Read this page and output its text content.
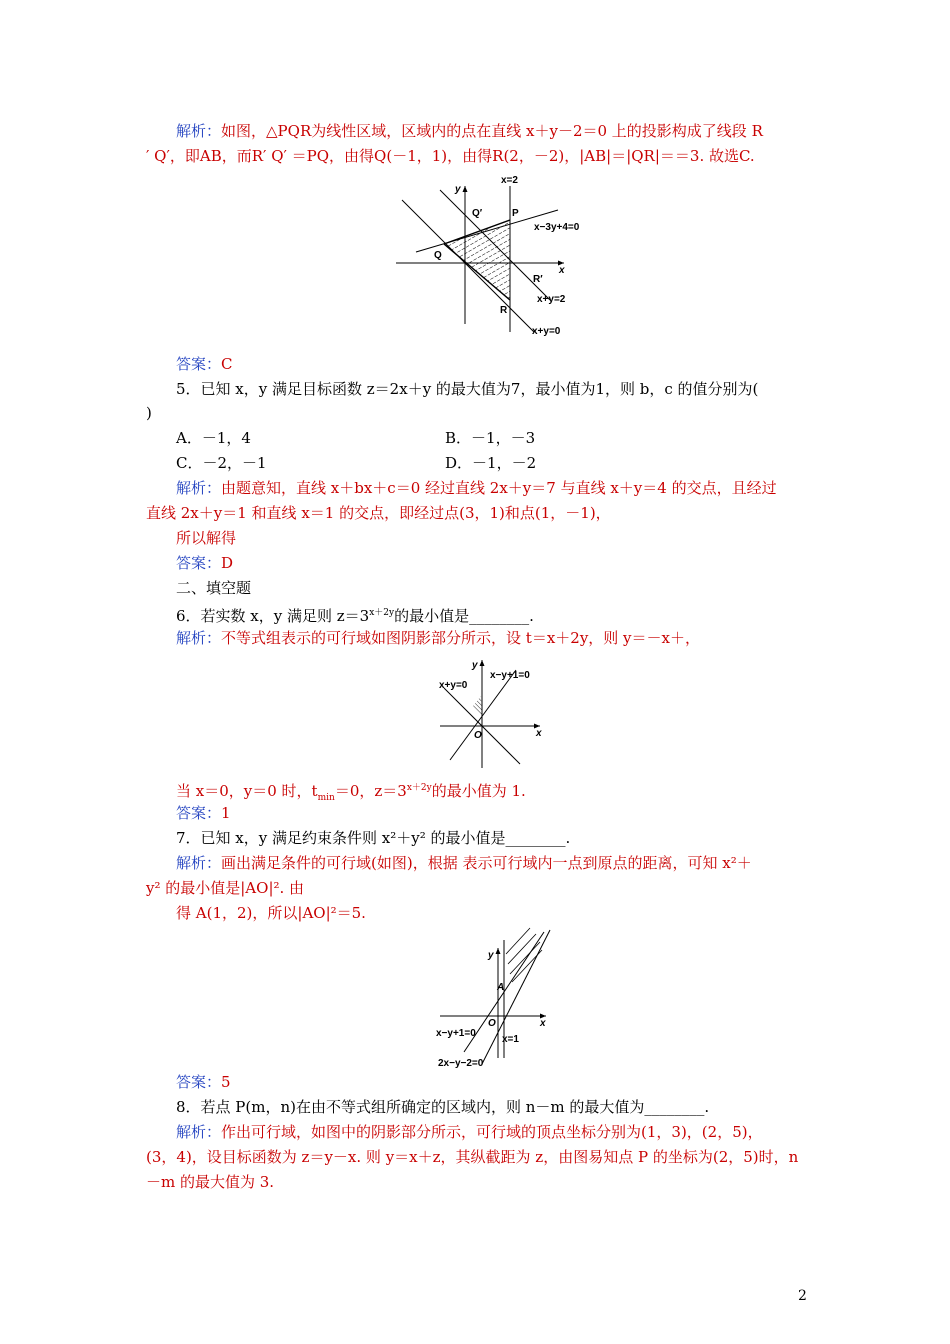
解析：如图，△PQR为线性区域，区域内的点在直线 x＋y－2＝0 上的投影构成了线段 R
′ Q′，即AB，而R′ Q′ ＝PQ，由得Q(－1，1)，由得R(2，－2)，|AB|＝|QR|＝＝3. 故选C.
y
x=2
Q′	P
x−3y+4=0
Q
x
R′
x+y=2
R
x+y=0
答案：C
5．已知 x，y 满足目标函数 z＝2x＋y 的最大值为7，最小值为1，则 b，c 的值分别为(
)
A．－1，4	B．－1，－3
C．－2，－1	D．－1，－2
解析：由题意知，直线 x＋bx＋c＝0 经过直线 2x＋y＝7 与直线 x＋y＝4 的交点，且经过
直线 2x＋y＝1 和直线 x＝1 的交点，即经过点(3，1)和点(1，－1)，
所以解得
答案：D
二、填空题
6．若实数 x，y 满足则 $z=3^{x+2y}$的最小值是________.
解析：不等式组表示的可行域如图阴影部分所示，设 t＝x＋2y，则 y＝－x＋，
y
x−y+1=0
x+y=0
O	x
当 x＝0，y＝0 时，$t_{min}=0$，$z=3^{x+2y}$的最小值为 1.
答案：1
7．已知 x，y 满足约束条件则 x²＋y² 的最小值是________.
解析：画出满足条件的可行域(如图)，根据 表示可行域内一点到原点的距离，可知 x²＋
y² 的最小值是|AO|². 由
得 A(1，2)，所以|AO|²＝5.
y
A
O	x
x−y+1=0
x=1
2x−y−2=0
答案：5
8．若点 P(m，n)在由不等式组所确定的区域内，则 n－m 的最大值为________.
解析：作出可行域，如图中的阴影部分所示，可行域的顶点坐标分别为(1，3)，(2，5)，
(3，4)，设目标函数为 z＝y－x. 则 y＝x＋z，其纵截距为 z，由图易知点 P 的坐标为(2，5)时，n
－m 的最大值为 3.
2
